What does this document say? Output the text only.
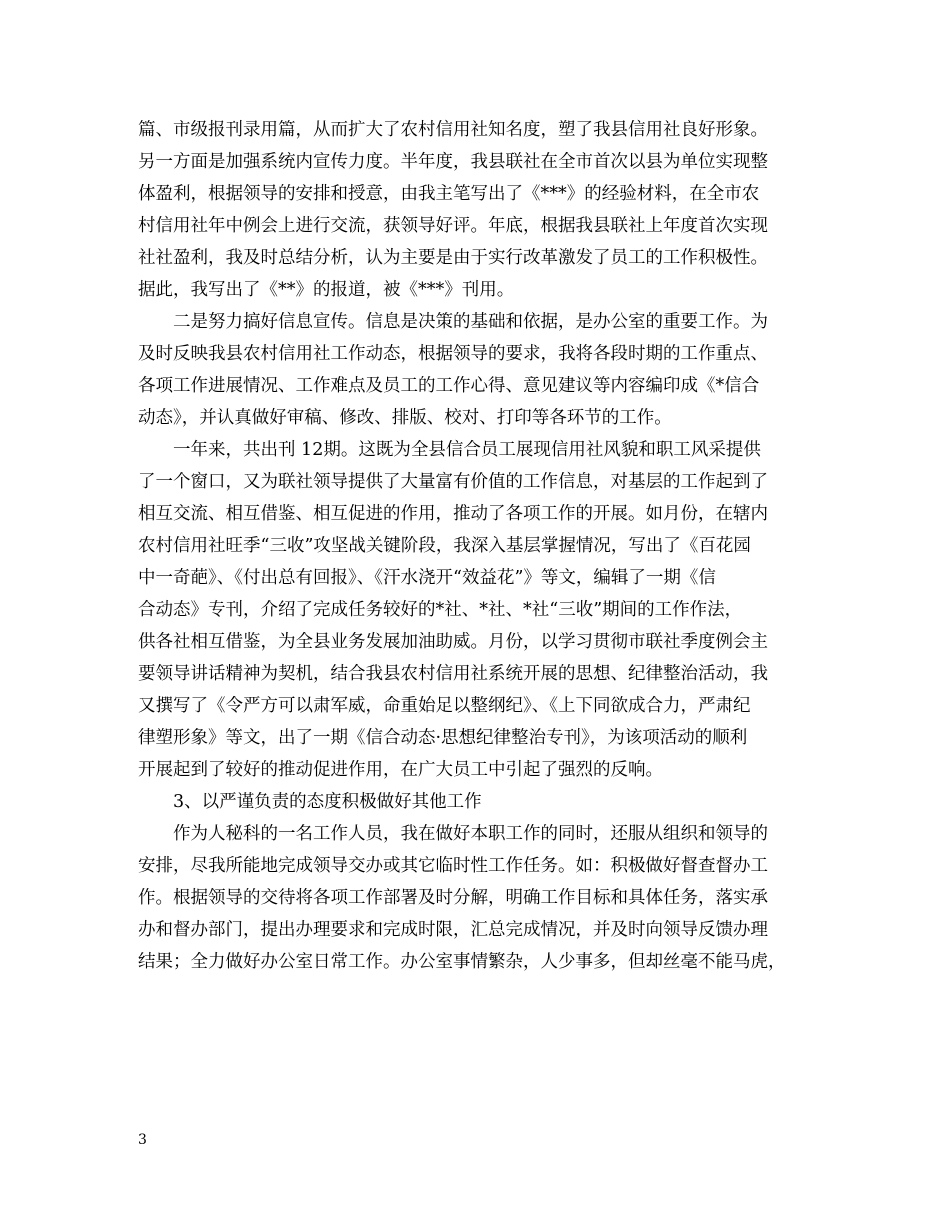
篇、市级报刊录用篇，从而扩大了农村信用社知名度，塑了我县信用社良好形象。
另一方面是加强系统内宣传力度。半年度，我县联社在全市首次以县为单位实现整
体盈利，根据领导的安排和授意，由我主笔写出了《***》的经验材料，在全市农
村信用社年中例会上进行交流，获领导好评。年底，根据我县联社上年度首次实现
社社盈利，我及时总结分析，认为主要是由于实行改革激发了员工的工作积极性。
据此，我写出了《**》的报道，被《***》刊用。
　　二是努力搞好信息宣传。信息是决策的基础和依据，是办公室的重要工作。为
及时反映我县农村信用社工作动态，根据领导的要求，我将各段时期的工作重点、
各项工作进展情况、工作难点及员工的工作心得、意见建议等内容编印成《*信合
动态》，并认真做好审稿、修改、排版、校对、打印等各环节的工作。
　　一年来，共出刊 12期。这既为全县信合员工展现信用社风貌和职工风采提供
了一个窗口，又为联社领导提供了大量富有价值的工作信息，对基层的工作起到了
相互交流、相互借鉴、相互促进的作用，推动了各项工作的开展。如月份，在辖内
农村信用社旺季“三收”攻坚战关键阶段，我深入基层掌握情况，写出了《百花园
中一奇葩》、《付出总有回报》、《汗水浇开“效益花”》等文，编辑了一期《信
合动态》专刊，介绍了完成任务较好的*社、*社、*社“三收”期间的工作作法，
供各社相互借鉴，为全县业务发展加油助威。月份，以学习贯彻市联社季度例会主
要领导讲话精神为契机，结合我县农村信用社系统开展的思想、纪律整治活动，我
又撰写了《令严方可以肃军威，命重始足以整纲纪》、《上下同欲成合力，严肃纪
律塑形象》等文，出了一期《信合动态·思想纪律整治专刊》，为该项活动的顺利
开展起到了较好的推动促进作用，在广大员工中引起了强烈的反响。
　　3、以严谨负责的态度积极做好其他工作
　　作为人秘科的一名工作人员，我在做好本职工作的同时，还服从组织和领导的
安排，尽我所能地完成领导交办或其它临时性工作任务。如：积极做好督查督办工
作。根据领导的交待将各项工作部署及时分解，明确工作目标和具体任务，落实承
办和督办部门，提出办理要求和完成时限，汇总完成情况，并及时向领导反馈办理
结果；全力做好办公室日常工作。办公室事情繁杂，人少事多，但却丝毫不能马虎，
3
